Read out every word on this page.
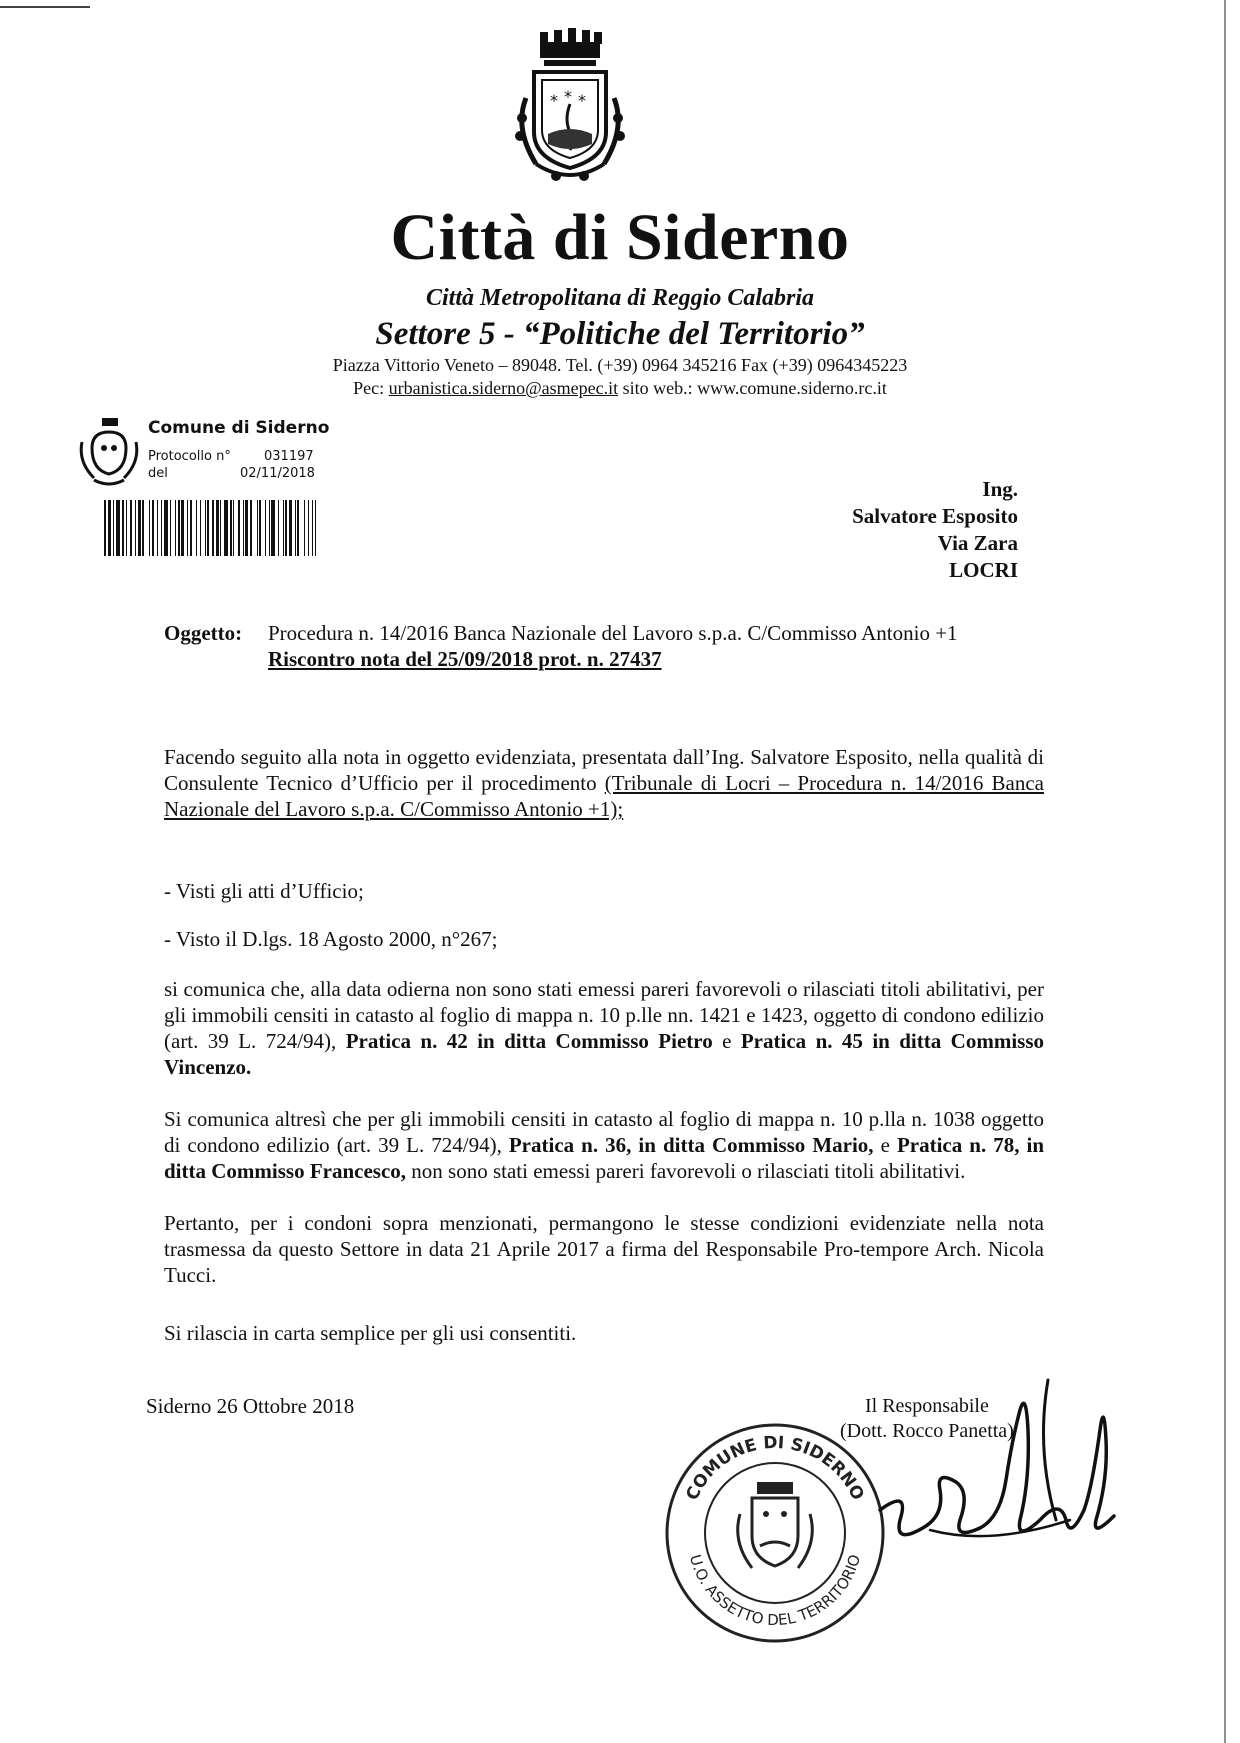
* * *
Città di Siderno
Città Metropolitana di Reggio Calabria
Settore 5 - “Politiche del Territorio”
Piazza Vittorio Veneto – 89048. Tel. (+39) 0964 345216 Fax (+39) 0964345223
Pec: urbanistica.siderno@asmepec.it sito web.: www.comune.siderno.rc.it
Comune di Siderno
Protocollo n°	031197
del	02/11/2018
Ing.
Salvatore Esposito
Via Zara
LOCRI
Oggetto: Procedura n. 14/2016 Banca Nazionale del Lavoro s.p.a. C/Commisso Antonio +1
Riscontro nota del 25/09/2018 prot. n. 27437
Facendo seguito alla nota in oggetto evidenziata, presentata dall’Ing. Salvatore Esposito, nella qualità di Consulente Tecnico d’Ufficio per il procedimento (Tribunale di Locri – Procedura n. 14/2016 Banca Nazionale del Lavoro s.p.a. C/Commisso Antonio +1);
- Visti gli atti d’Ufficio;
- Visto il D.lgs. 18 Agosto 2000, n°267;
si comunica che, alla data odierna non sono stati emessi pareri favorevoli o rilasciati titoli abilitativi, per gli immobili censiti in catasto al foglio di mappa n. 10 p.lle nn. 1421 e 1423, oggetto di condono edilizio (art. 39 L. 724/94), Pratica n. 42 in ditta Commisso Pietro e Pratica n. 45 in ditta Commisso Vincenzo.
Si comunica altresì che per gli immobili censiti in catasto al foglio di mappa n. 10 p.lla n. 1038 oggetto di condono edilizio (art. 39 L. 724/94), Pratica n. 36, in ditta Commisso Mario, e Pratica n. 78, in ditta Commisso Francesco, non sono stati emessi pareri favorevoli o rilasciati titoli abilitativi.
Pertanto, per i condoni sopra menzionati, permangono le stesse condizioni evidenziate nella nota trasmessa da questo Settore in data 21 Aprile 2017 a firma del Responsabile Pro-tempore Arch. Nicola Tucci.
Si rilascia in carta semplice per gli usi consentiti.
Siderno 26 Ottobre 2018	Il Responsabile
(Dott. Rocco Panetta)
COMUNE DI SIDERNO
U.O. ASSETTO DEL TERRITORIO
